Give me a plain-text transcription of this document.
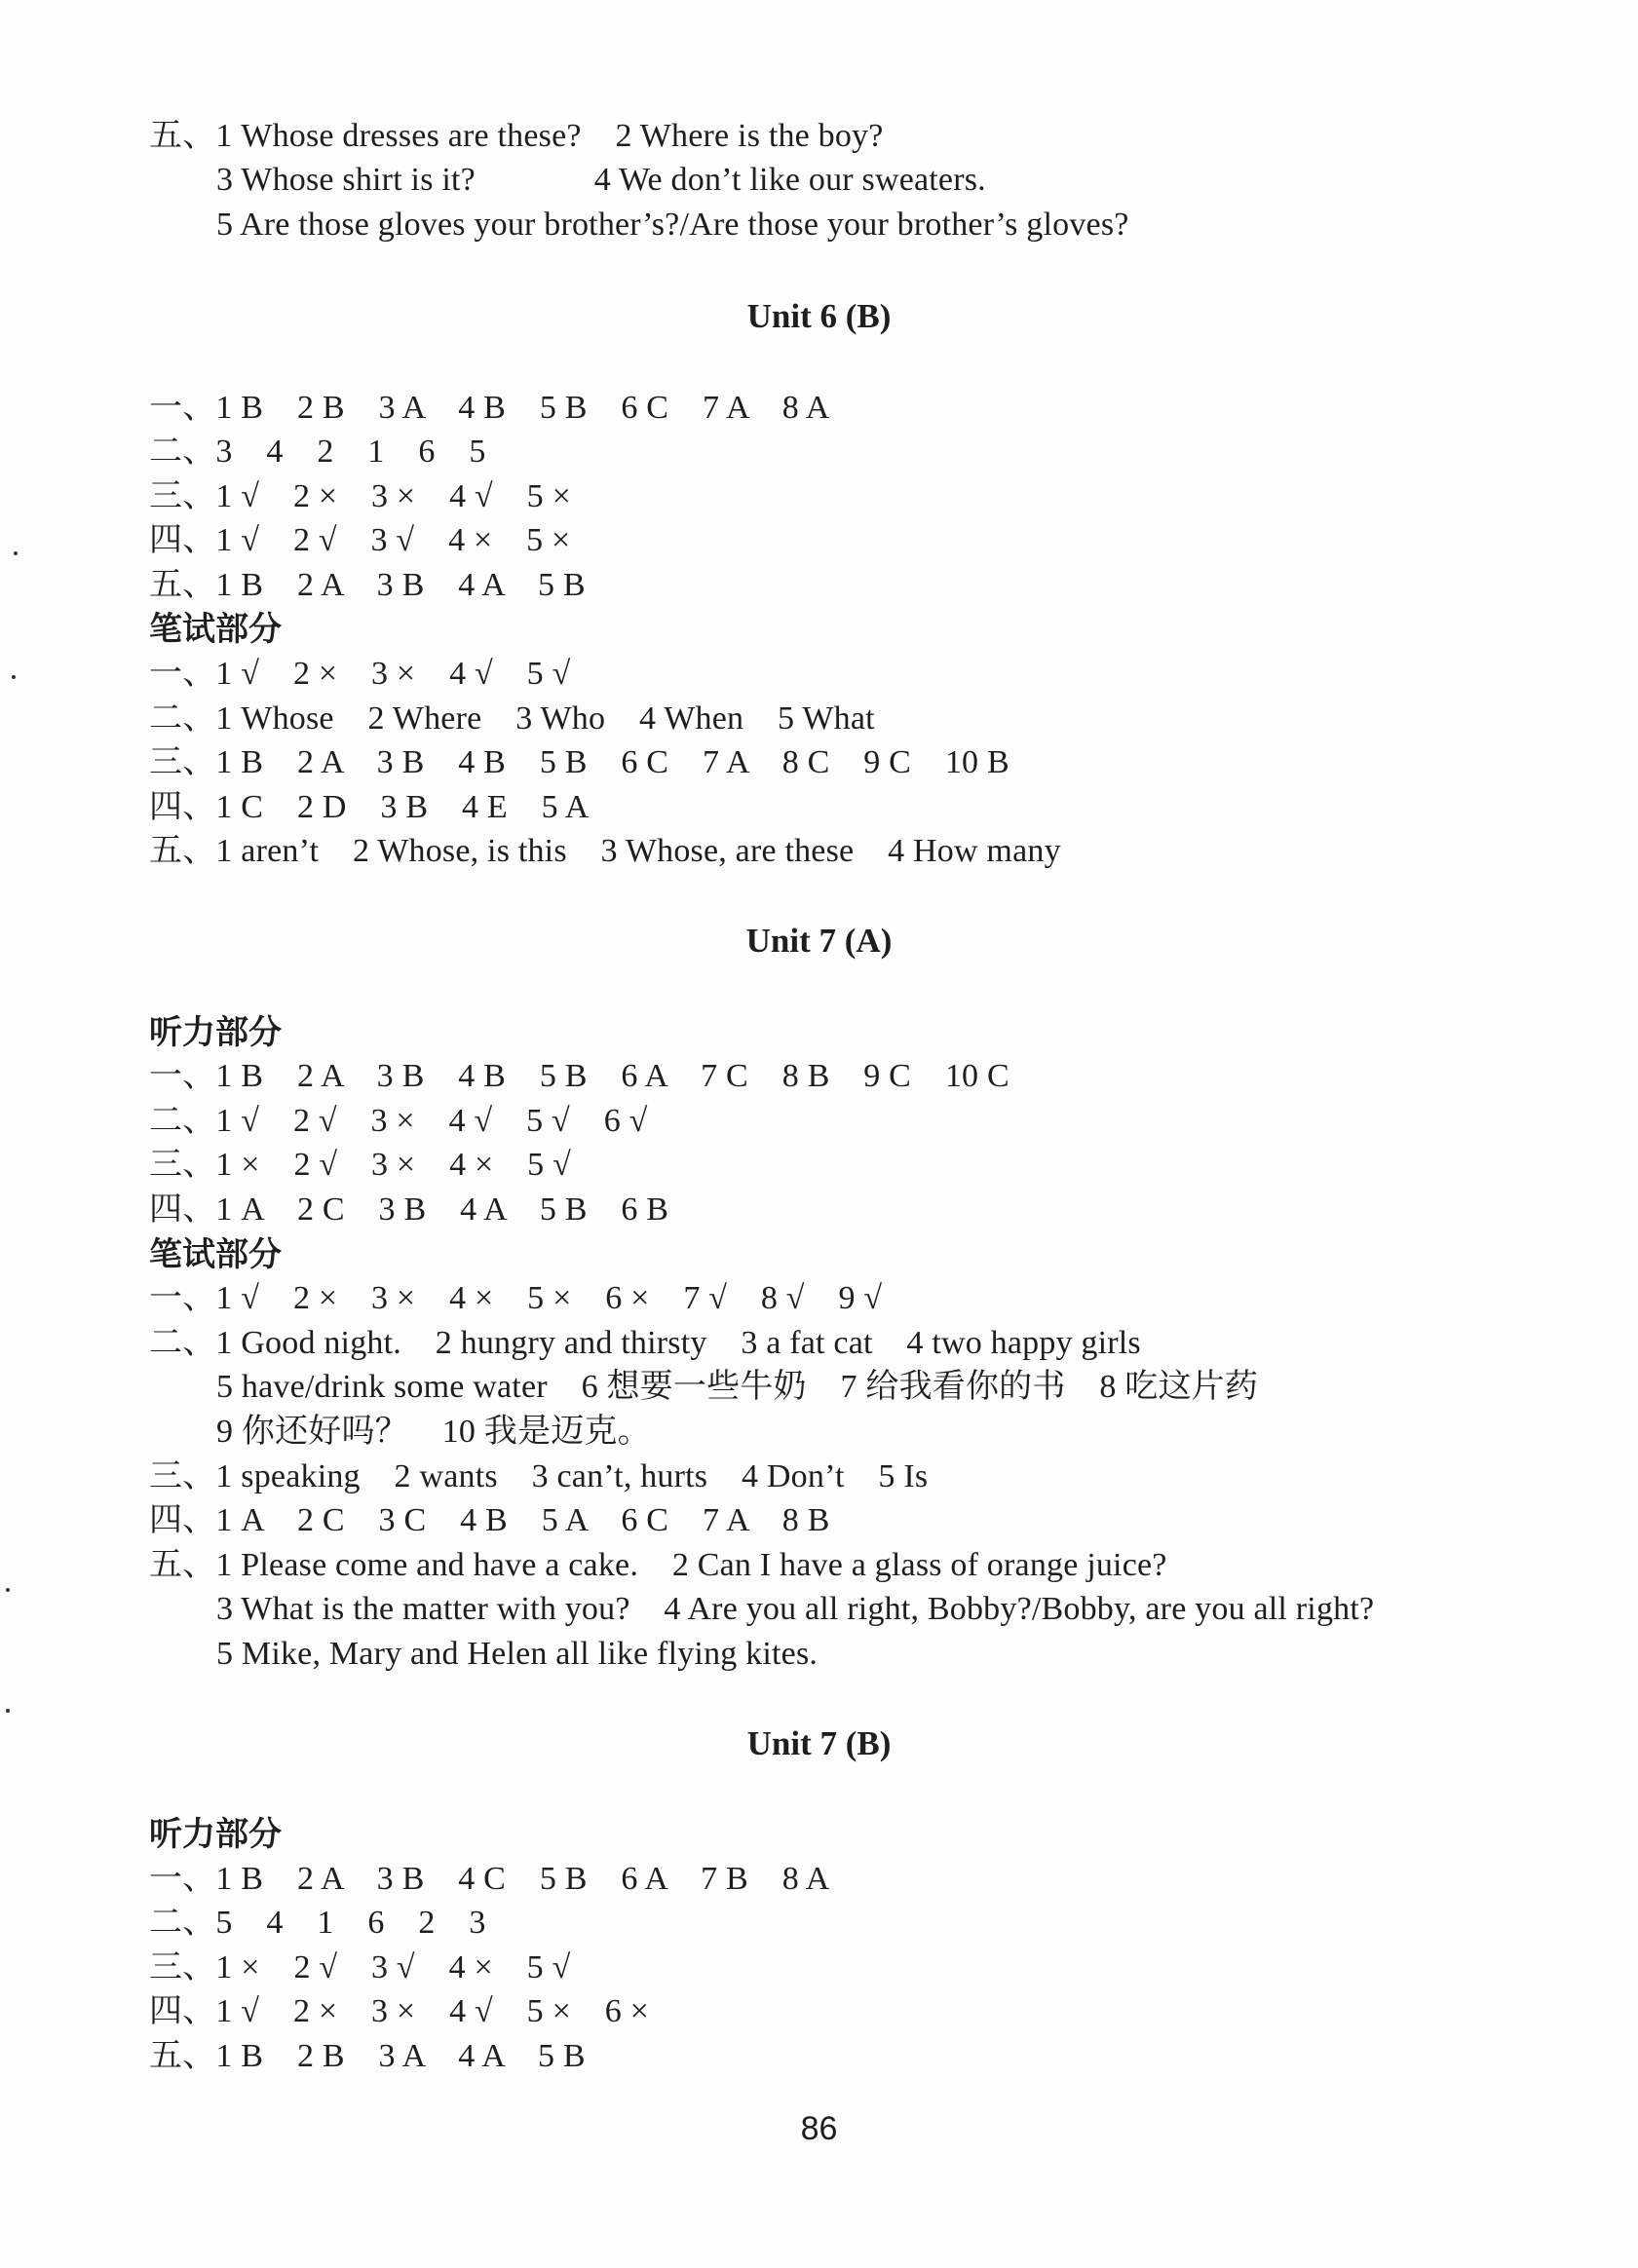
五、1 Whose dresses are these?    2 Where is the boy?
3 Whose shirt is it?              4 We don’t like our sweaters.
5 Are those gloves your brother’s?/Are those your brother’s gloves?
Unit 6 (B)
一、1 B    2 B    3 A    4 B    5 B    6 C    7 A    8 A
二、3    4    2    1    6    5
三、1 √    2 ×    3 ×    4 √    5 ×
四、1 √    2 √    3 √    4 ×    5 ×
五、1 B    2 A    3 B    4 A    5 B
笔试部分
一、1 √    2 ×    3 ×    4 √    5 √
二、1 Whose    2 Where    3 Who    4 When    5 What
三、1 B    2 A    3 B    4 B    5 B    6 C    7 A    8 C    9 C    10 B
四、1 C    2 D    3 B    4 E    5 A
五、1 aren’t    2 Whose, is this    3 Whose, are these    4 How many
Unit 7 (A)
听力部分
一、1 B    2 A    3 B    4 B    5 B    6 A    7 C    8 B    9 C    10 C
二、1 √    2 √    3 ×    4 √    5 √    6 √
三、1 ×    2 √    3 ×    4 ×    5 √
四、1 A    2 C    3 B    4 A    5 B    6 B
笔试部分
一、1 √    2 ×    3 ×    4 ×    5 ×    6 ×    7 √    8 √    9 √
二、1 Good night.    2 hungry and thirsty    3 a fat cat    4 two happy girls
5 have/drink some water    6 想要一些牛奶    7 给我看你的书    8 吃这片药
9 你还好吗？    10 我是迈克。
三、1 speaking    2 wants    3 can’t, hurts    4 Don’t    5 Is
四、1 A    2 C    3 C    4 B    5 A    6 C    7 A    8 B
五、1 Please come and have a cake.    2 Can I have a glass of orange juice?
3 What is the matter with you?    4 Are you all right, Bobby?/Bobby, are you all right?
5 Mike, Mary and Helen all like flying kites.
Unit 7 (B)
听力部分
一、1 B    2 A    3 B    4 C    5 B    6 A    7 B    8 A
二、5    4    1    6    2    3
三、1 ×    2 √    3 √    4 ×    5 √
四、1 √    2 ×    3 ×    4 √    5 ×    6 ×
五、1 B    2 B    3 A    4 A    5 B
86
